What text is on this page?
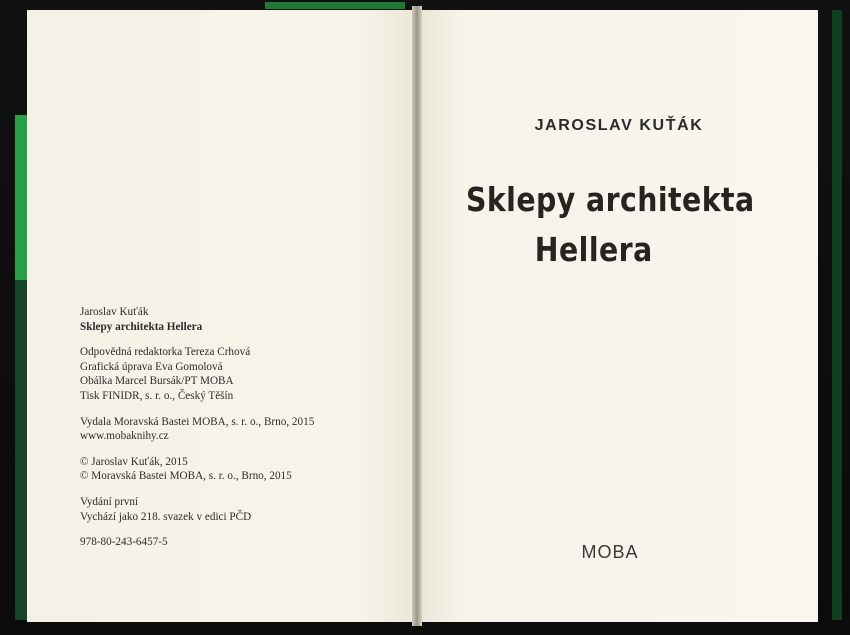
Jaroslav Kuťák
Sklepy architekta Hellera
Odpovědná redaktorka Tereza Crhová
Grafická úprava Eva Gomolová
Obálka Marcel Bursák/PT MOBA
Tisk FINIDR, s. r. o., Český Těšín
Vydala Moravská Bastei MOBA, s. r. o., Brno, 2015
www.mobaknihy.cz
© Jaroslav Kuťák, 2015
© Moravská Bastei MOBA, s. r. o., Brno, 2015
Vydání první
Vychází jako 218. svazek v edici PČD
978-80-243-6457-5
JAROSLAV KUŤÁK
Sklepy architekta
Hellera
MOBA
